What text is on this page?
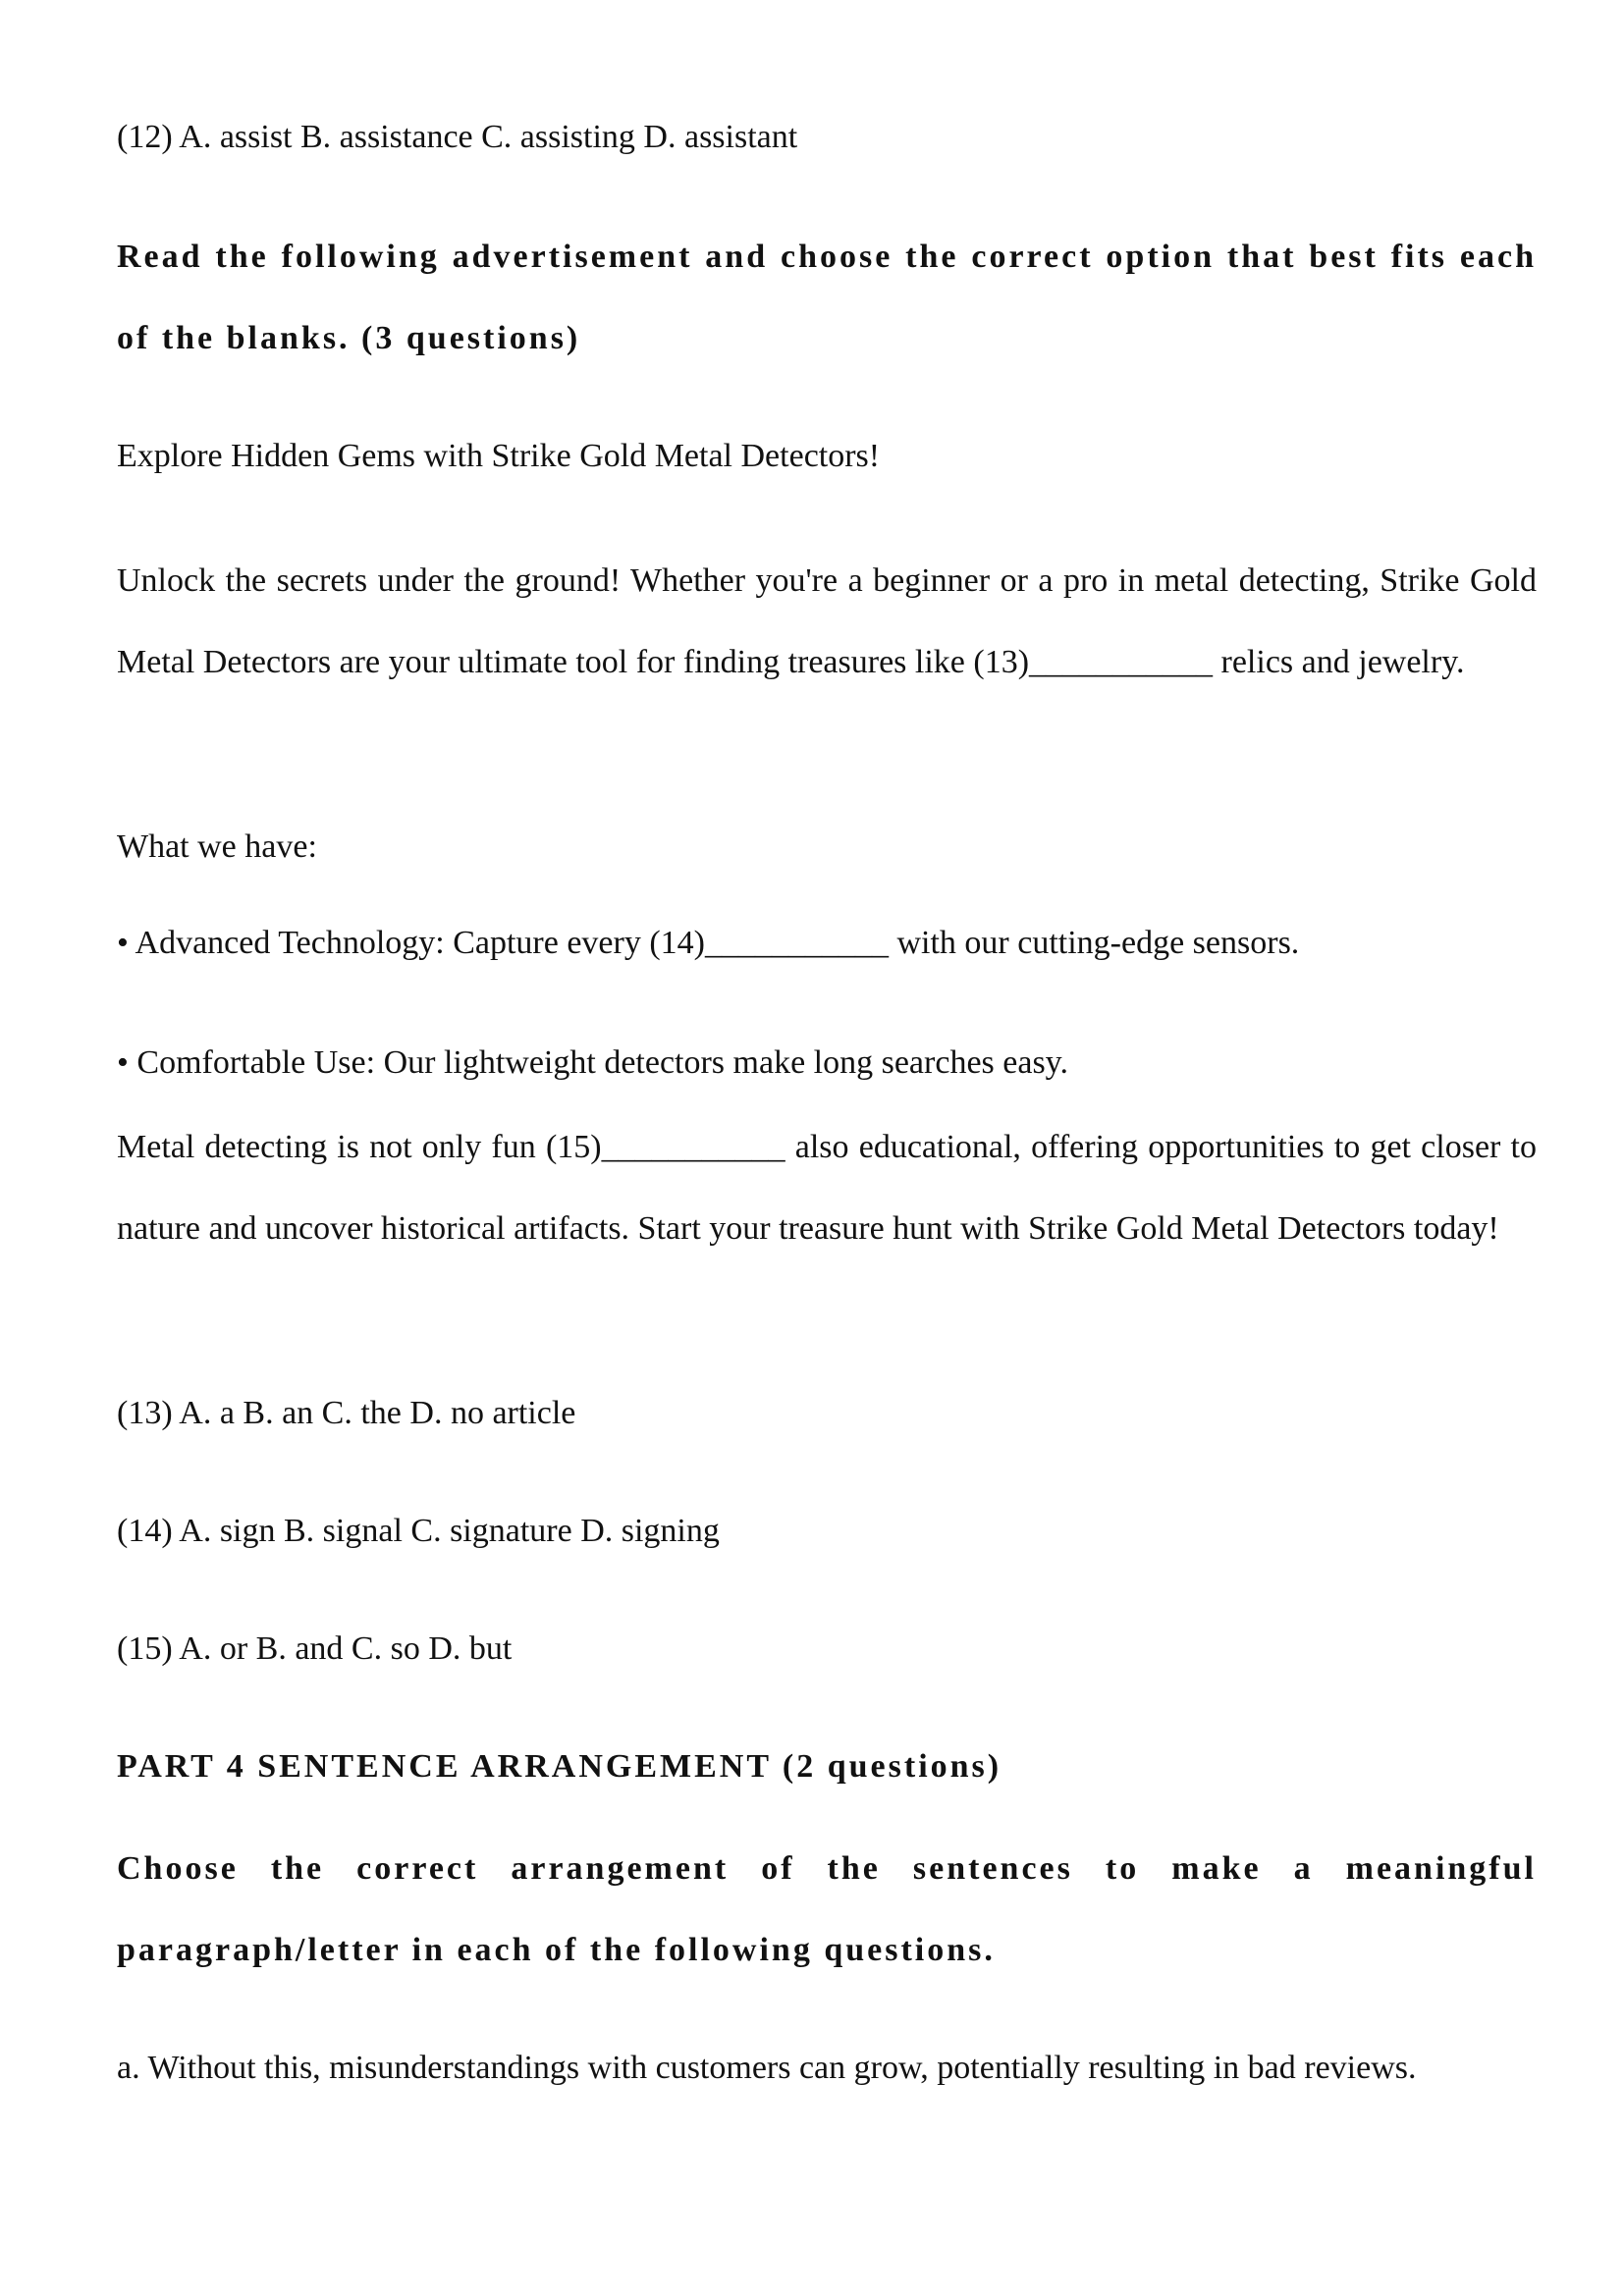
(12) A. assist B. assistance C. assisting D. assistant

Read the following advertisement and choose the correct option that best fits each of the blanks. (3 questions)

Explore Hidden Gems with Strike Gold Metal Detectors!

Unlock the secrets under the ground! Whether you're a beginner or a pro in metal detecting, Strike Gold Metal Detectors are your ultimate tool for finding treasures like (13)___________ relics and jewelry.

What we have:

• Advanced Technology: Capture every (14)___________ with our cutting-edge sensors.

• Comfortable Use: Our lightweight detectors make long searches easy.

Metal detecting is not only fun (15)___________ also educational, offering opportunities to get closer to nature and uncover historical artifacts. Start your treasure hunt with Strike Gold Metal Detectors today!

(13) A. a B. an C. the D. no article

(14) A. sign B. signal C. signature D. signing

(15) A. or B. and C. so D. but

PART 4 SENTENCE ARRANGEMENT (2 questions)

Choose the correct arrangement of the sentences to make a meaningful paragraph/letter in each of the following questions.

a. Without this, misunderstandings with customers can grow, potentially resulting in bad reviews.
